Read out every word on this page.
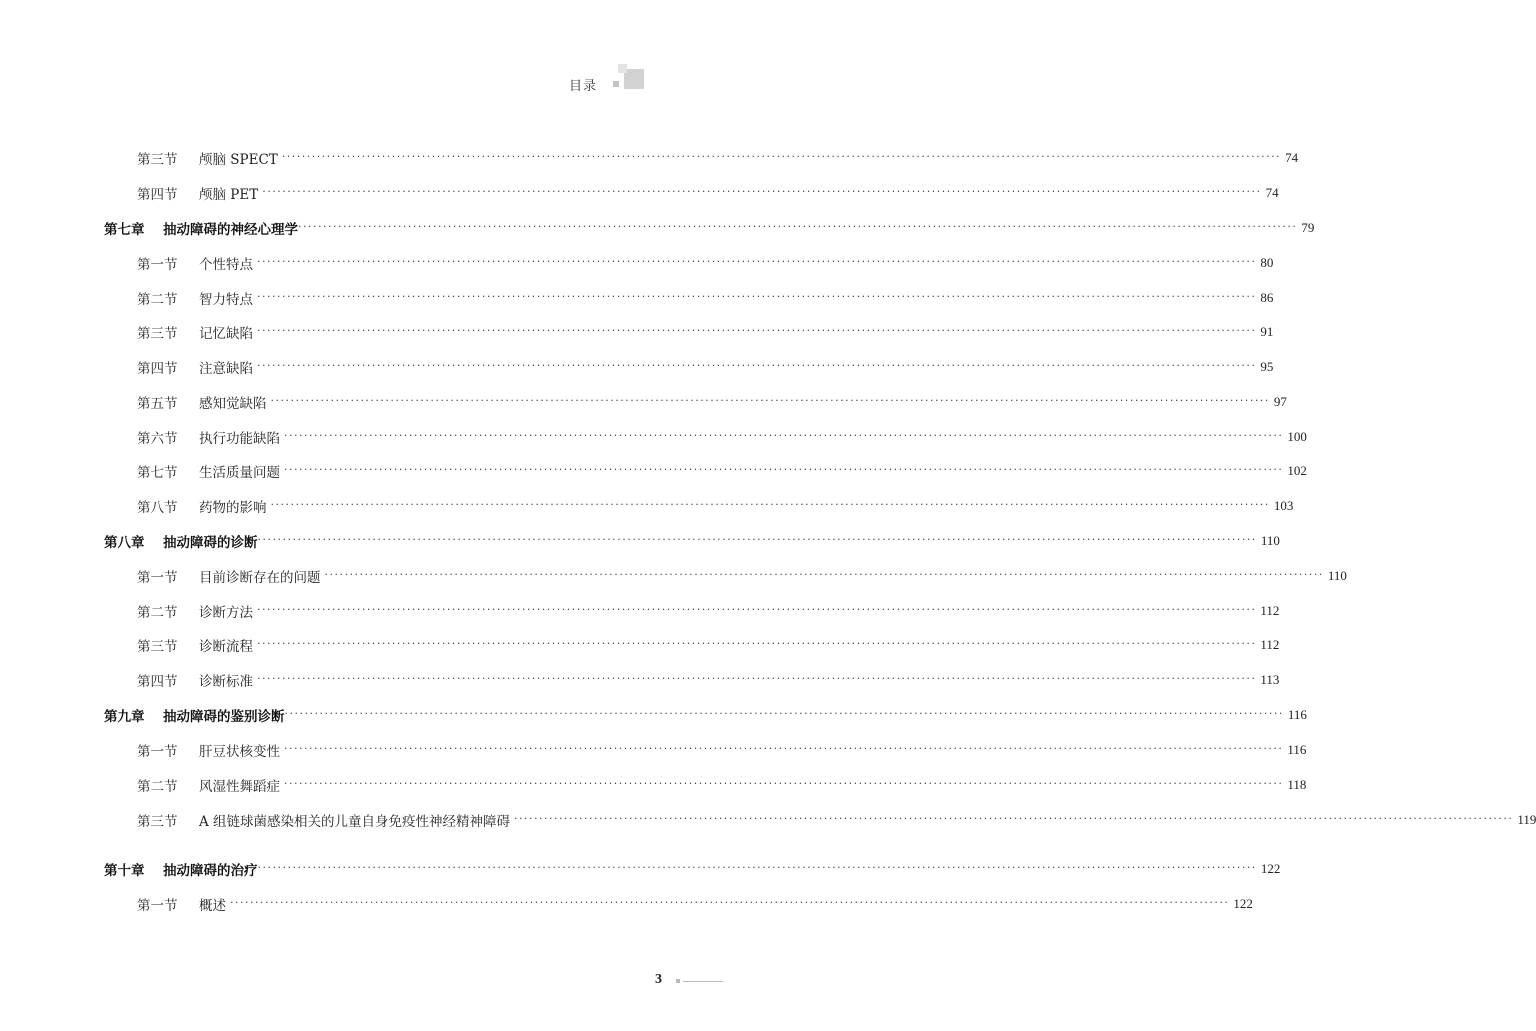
目录
第三节 颅脑 SPECT ········································································································································································································ 74
第四节 颅脑 PET ········································································································································································································ 74
第七章 抽动障碍的神经心理学 ········································································································································································································ 79
第一节 个性特点 ········································································································································································································ 80
第二节 智力特点 ········································································································································································································ 86
第三节 记忆缺陷 ········································································································································································································ 91
第四节 注意缺陷 ········································································································································································································ 95
第五节 感知觉缺陷 ········································································································································································································ 97
第六节 执行功能缺陷 ········································································································································································································ 100
第七节 生活质量问题 ········································································································································································································ 102
第八节 药物的影响 ········································································································································································································ 103
第八章 抽动障碍的诊断 ········································································································································································································ 110
第一节 目前诊断存在的问题 ········································································································································································································ 110
第二节 诊断方法 ········································································································································································································ 112
第三节 诊断流程 ········································································································································································································ 112
第四节 诊断标准 ········································································································································································································ 113
第九章 抽动障碍的鉴别诊断 ········································································································································································································ 116
第一节 肝豆状核变性 ········································································································································································································ 116
第二节 风湿性舞蹈症 ········································································································································································································ 118
第三节 A 组链球菌感染相关的儿童自身免疫性神经精神障碍 ········································································································································································································ 119
第十章 抽动障碍的治疗 ········································································································································································································ 122
第一节 概述 ········································································································································································································ 122
3
